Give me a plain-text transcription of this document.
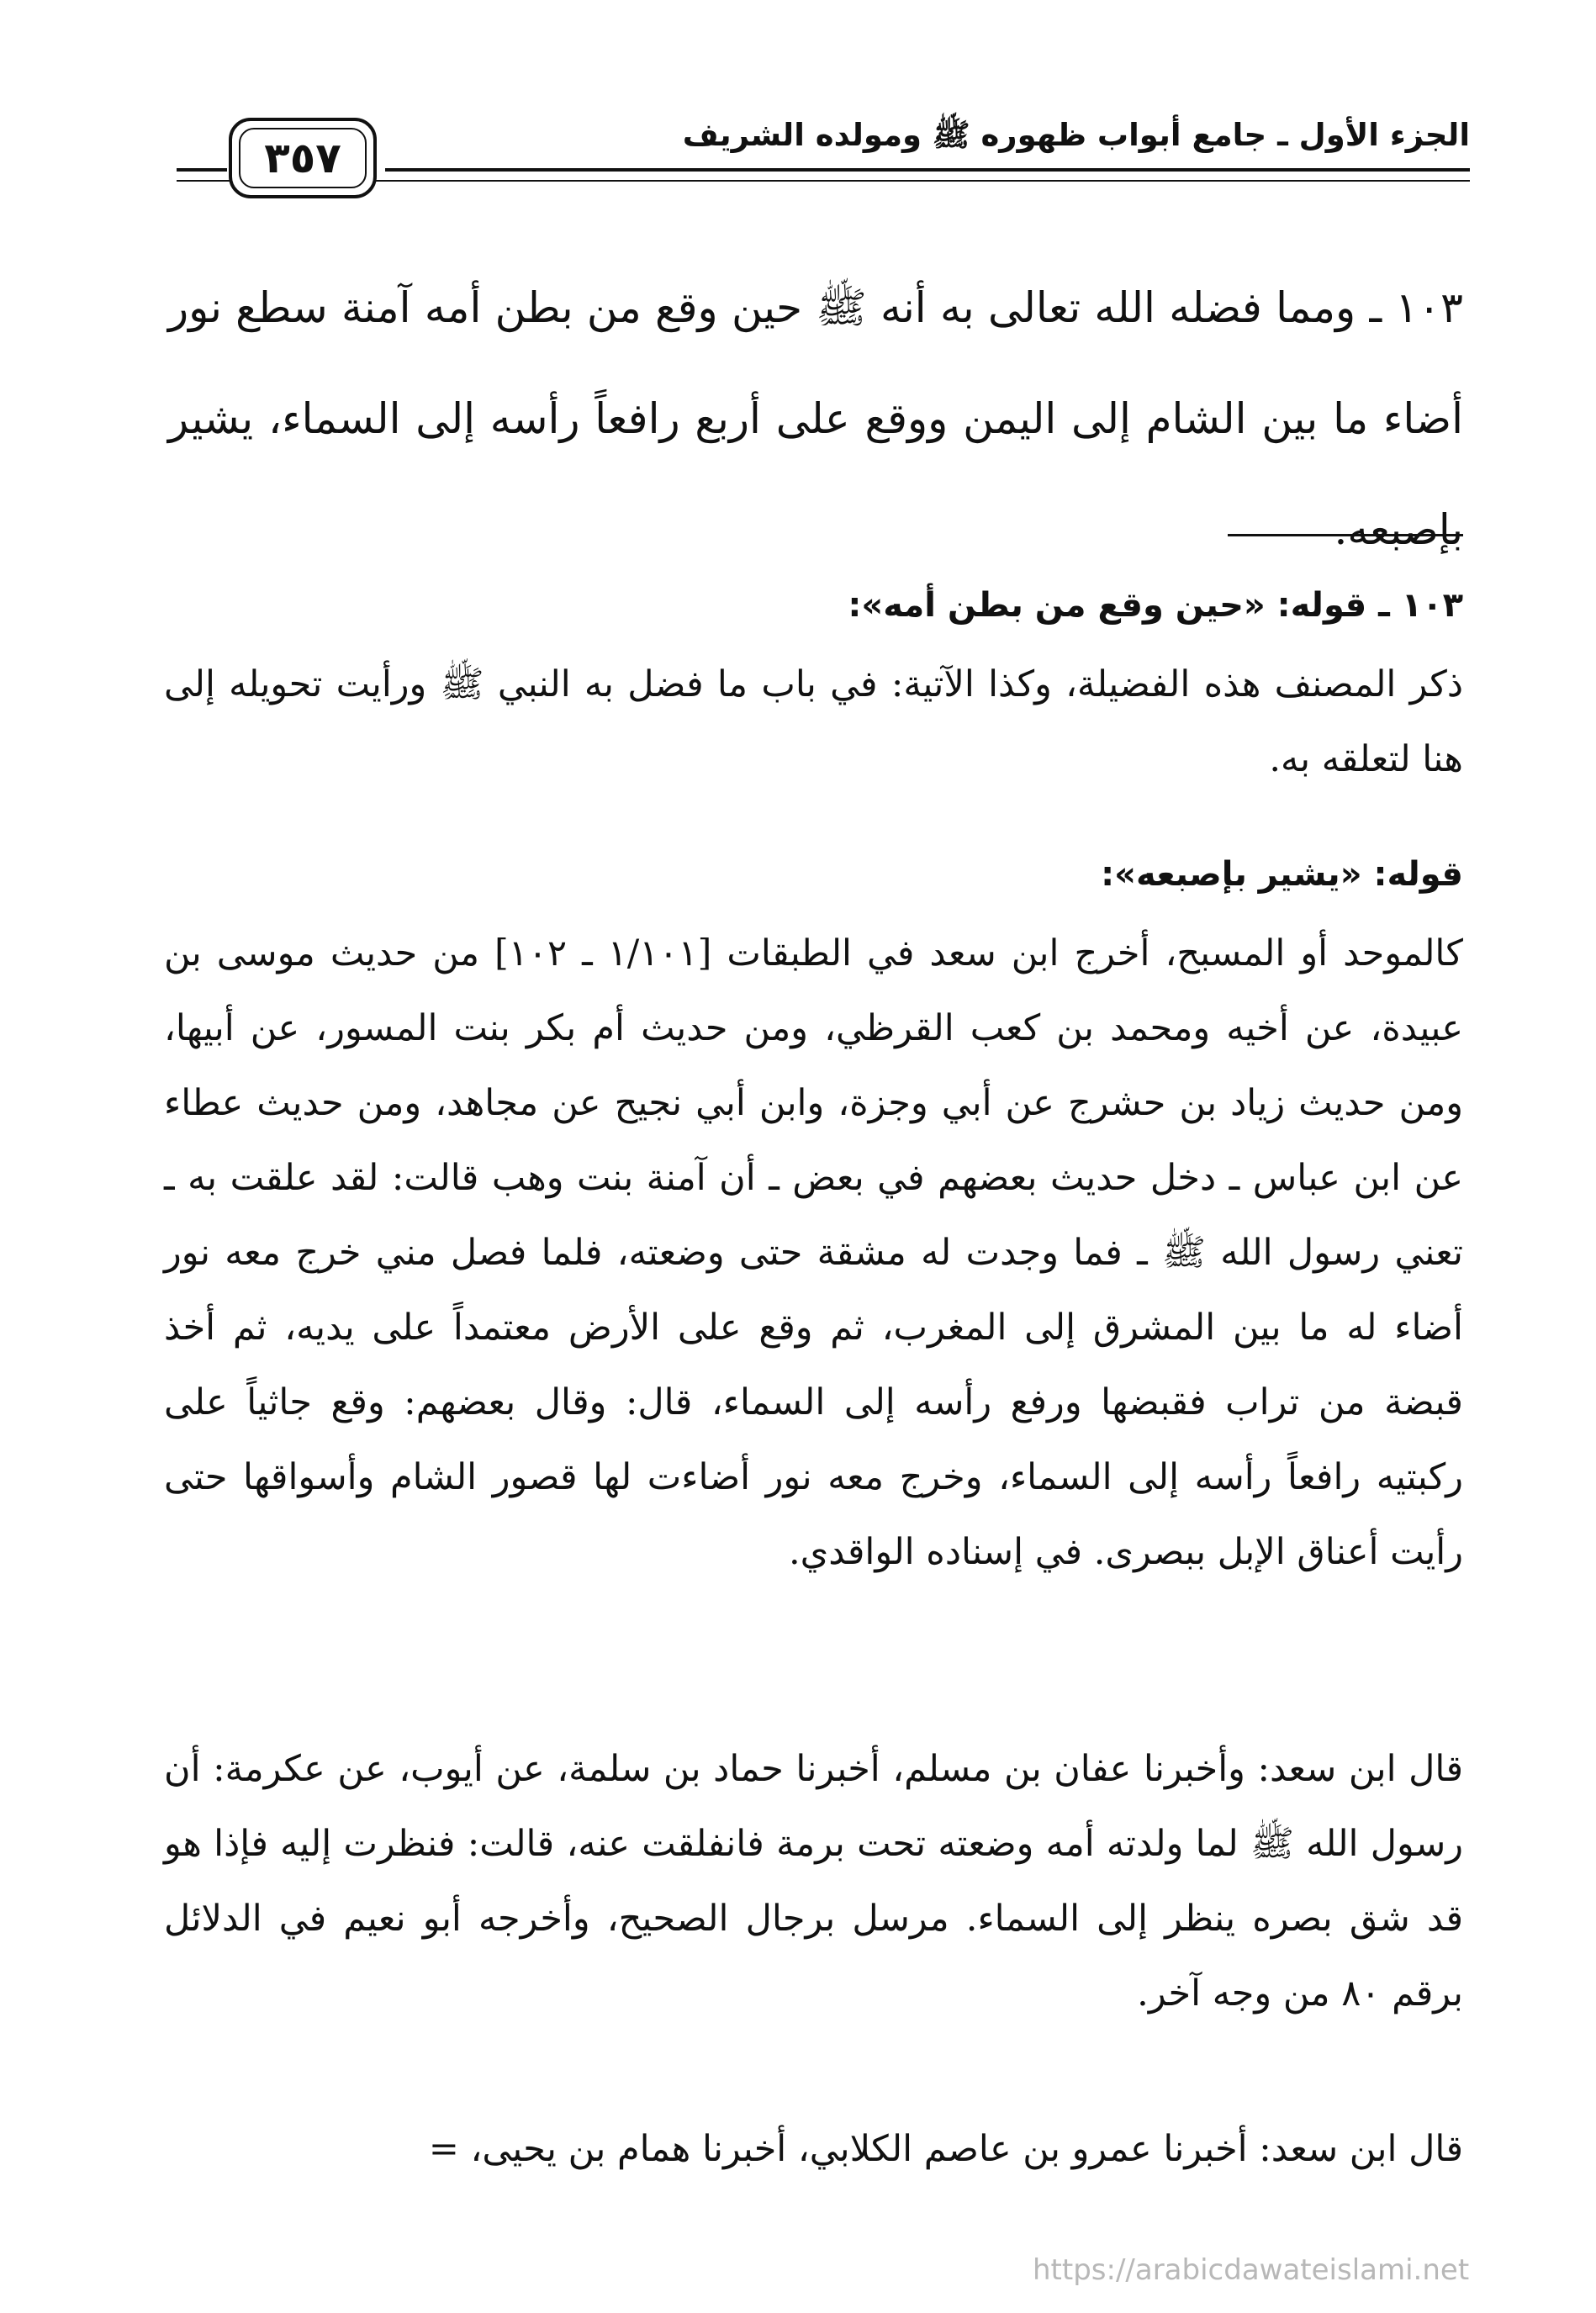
الجزء الأول ـ جامع أبواب ظهوره ﷺ ومولده الشريف
٣٥٧
١٠٣ ـ ومما فضله الله تعالى به أنه ﷺ حين وقع من بطن أمه آمنة سطع نور أضاء ما بين الشام إلى اليمن ووقع على أربع رافعاً رأسه إلى السماء، يشير بإصبعه.
١٠٣ ـ قوله: «حين وقع من بطن أمه»:
ذكر المصنف هذه الفضيلة، وكذا الآتية: في باب ما فضل به النبي ﷺ ورأيت تحويله إلى هنا لتعلقه به.
قوله: «يشير بإصبعه»:
كالموحد أو المسبح، أخرج ابن سعد في الطبقات [١/١٠١ ـ ١٠٢] من حديث موسى بن عبيدة، عن أخيه ومحمد بن كعب القرظي، ومن حديث أم بكر بنت المسور، عن أبيها، ومن حديث زياد بن حشرج عن أبي وجزة، وابن أبي نجيح عن مجاهد، ومن حديث عطاء عن ابن عباس ـ دخل حديث بعضهم في بعض ـ أن آمنة بنت وهب قالت: لقد علقت به ـ تعني رسول الله ﷺ ـ فما وجدت له مشقة حتى وضعته، فلما فصل مني خرج معه نور أضاء له ما بين المشرق إلى المغرب، ثم وقع على الأرض معتمداً على يديه، ثم أخذ قبضة من تراب فقبضها ورفع رأسه إلى السماء، قال: وقال بعضهم: وقع جاثياً على ركبتيه رافعاً رأسه إلى السماء، وخرج معه نور أضاءت لها قصور الشام وأسواقها حتى رأيت أعناق الإبل ببصرى. في إسناده الواقدي.
قال ابن سعد: وأخبرنا عفان بن مسلم، أخبرنا حماد بن سلمة، عن أيوب، عن عكرمة: أن رسول الله ﷺ لما ولدته أمه وضعته تحت برمة فانفلقت عنه، قالت: فنظرت إليه فإذا هو قد شق بصره ينظر إلى السماء. مرسل برجال الصحيح، وأخرجه أبو نعيم في الدلائل برقم ٨٠ من وجه آخر.
قال ابن سعد: أخبرنا عمرو بن عاصم الكلابي، أخبرنا همام بن يحيى، =
https://arabicdawateislami.net
